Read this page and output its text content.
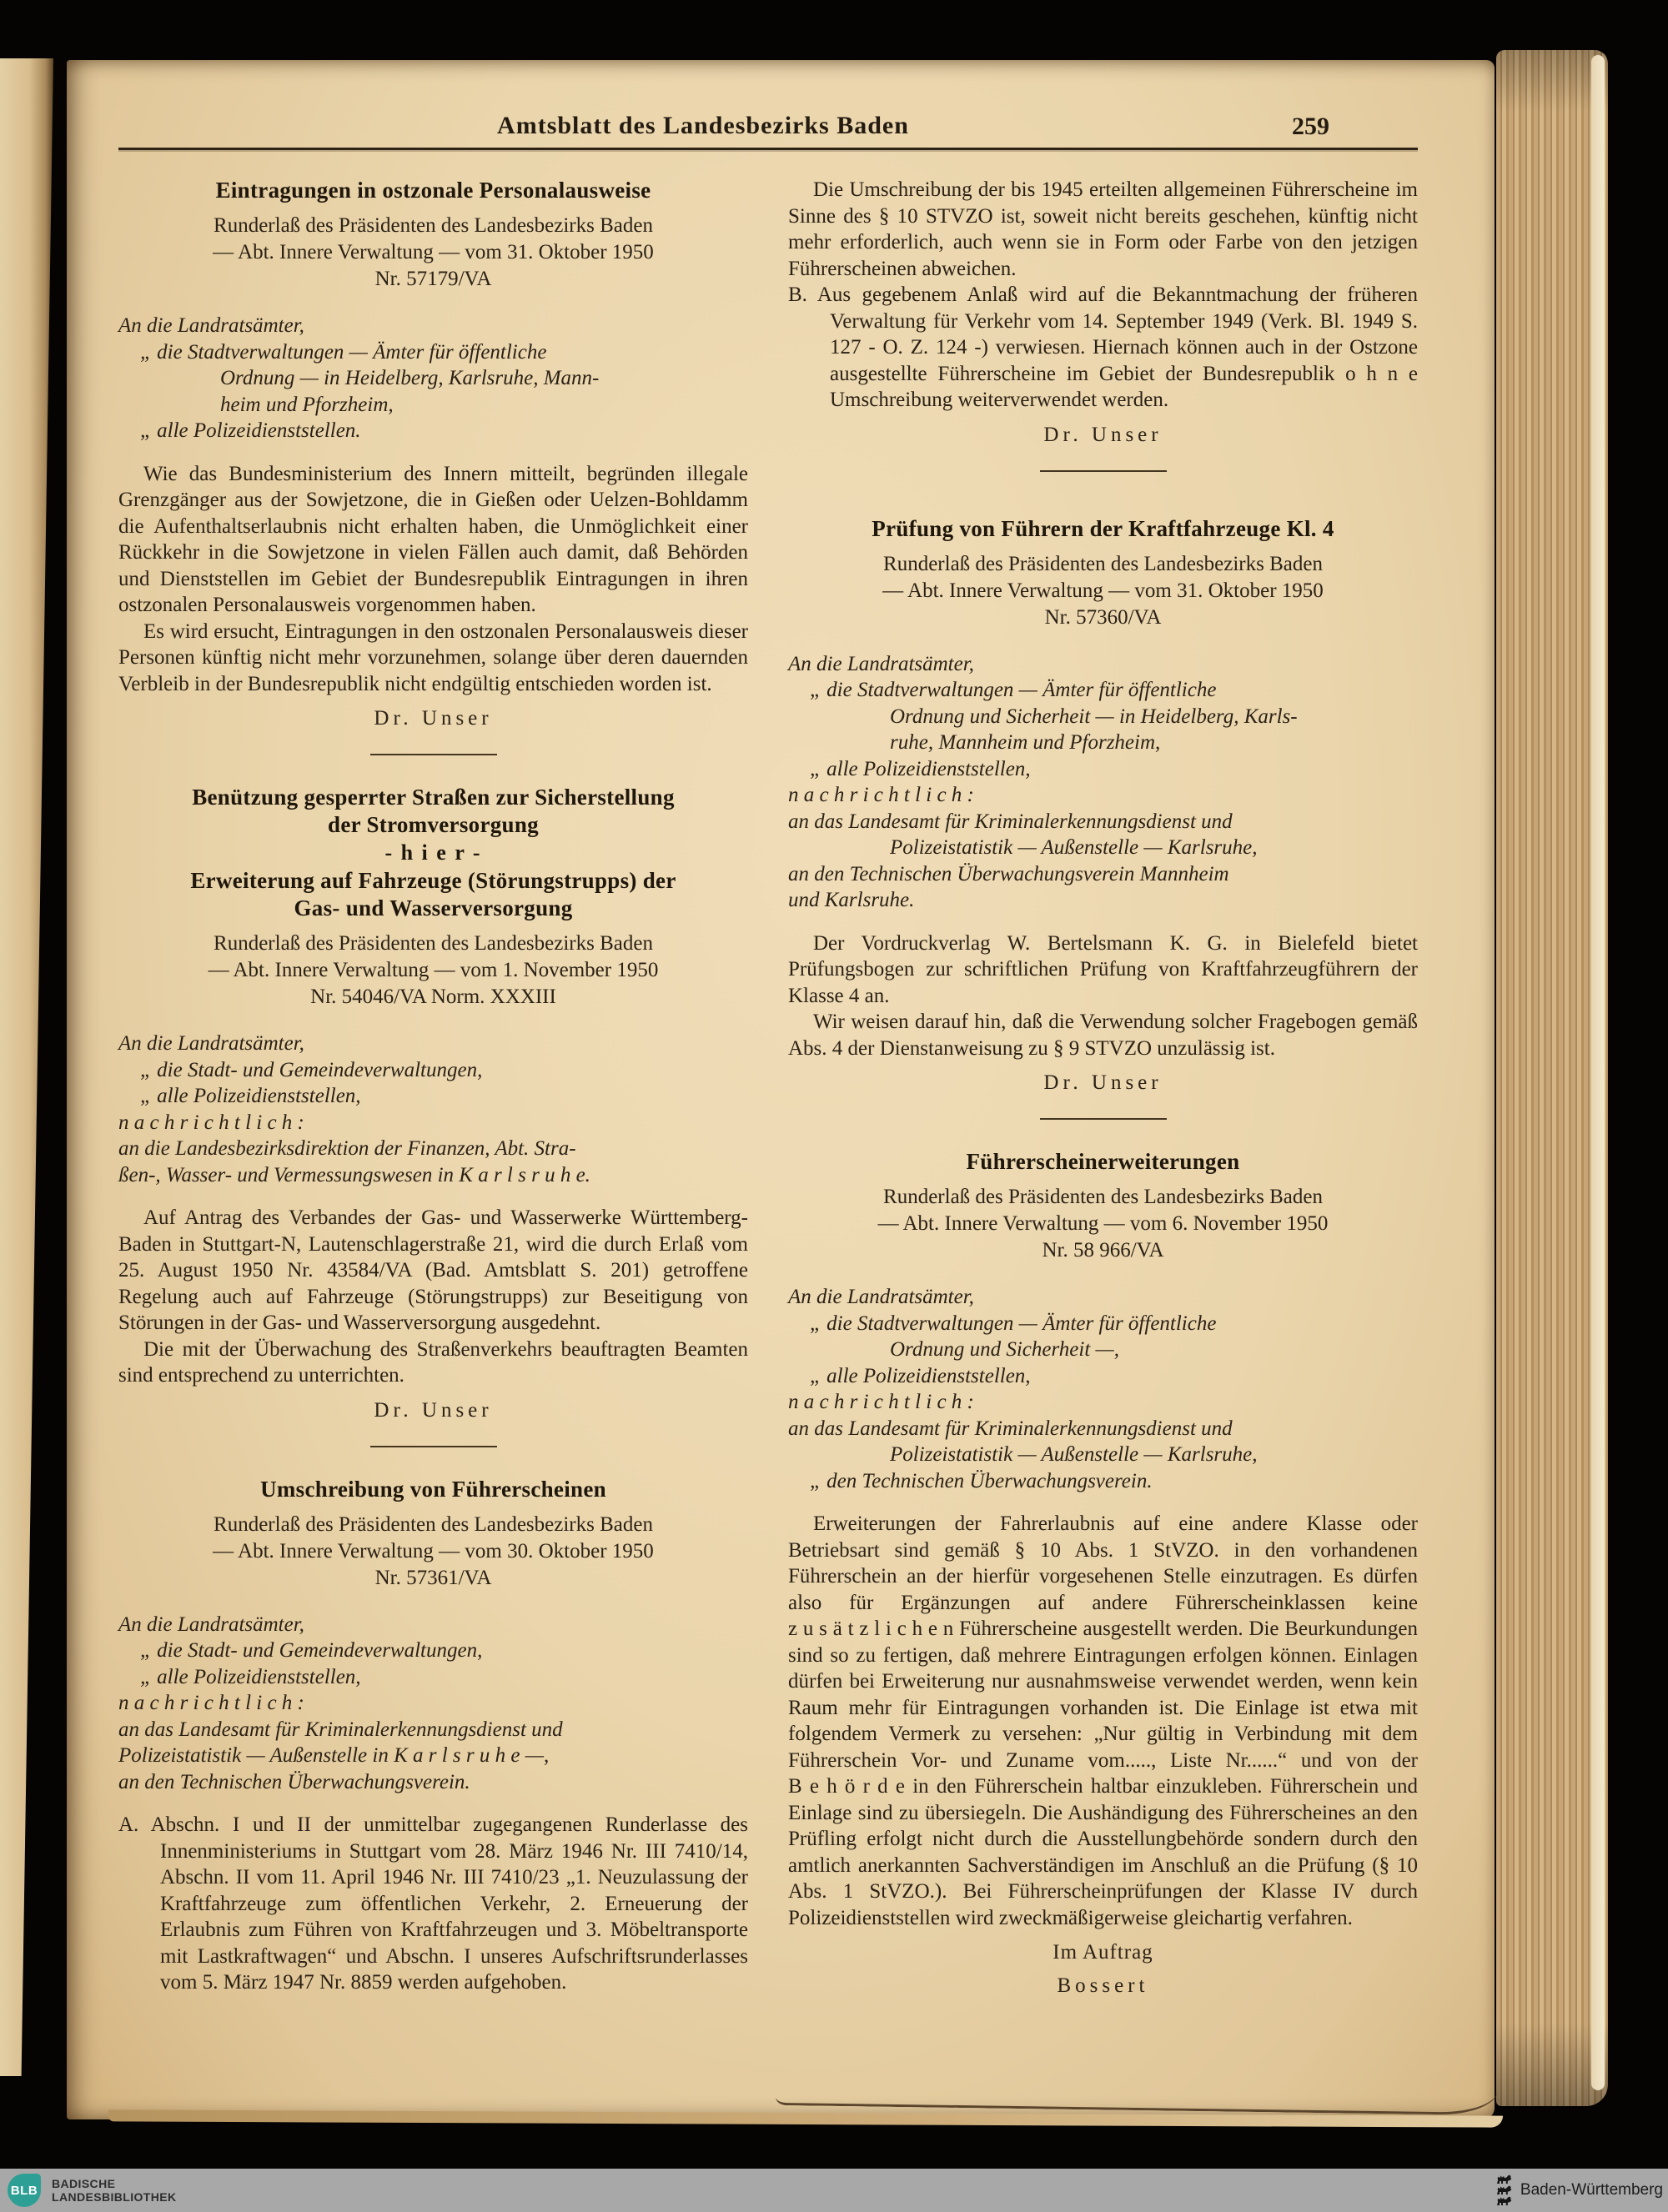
Amtsblatt des Landesbezirks Baden	259
Eintragungen in ostzonale Personalausweise
Runderlaß des Präsidenten des Landesbezirks Baden
— Abt. Innere Verwaltung — vom 31. Oktober 1950
Nr. 57179/VA
An die Landratsämter,
„ die Stadtverwaltungen — Ämter für öffentliche
Ordnung — in Heidelberg, Karlsruhe, Mann-
heim und Pforzheim,
„ alle Polizeidienststellen.

Wie das Bundesministerium des Innern mitteilt, begründen illegale Grenzgänger aus der Sowjetzone, die in Gießen oder Uelzen-Bohldamm die Aufenthaltserlaubnis nicht erhalten haben, die Unmöglichkeit einer Rückkehr in die Sowjetzone in vielen Fällen auch damit, daß Behörden und Dienststellen im Gebiet der Bundesrepublik Eintragungen in ihren ostzonalen Personalausweis vorgenommen haben.

Es wird ersucht, Eintragungen in den ostzonalen Personalausweis dieser Personen künftig nicht mehr vorzunehmen, solange über deren dauernden Verbleib in der Bundesrepublik nicht endgültig entschieden worden ist.

Dr. Unser
Benützung gesperrter Straßen zur Sicherstellung
der Stromversorgung
- h i e r -
Erweiterung auf Fahrzeuge (Störungstrupps) der
Gas- und Wasserversorgung
Runderlaß des Präsidenten des Landesbezirks Baden
— Abt. Innere Verwaltung — vom 1. November 1950
Nr. 54046/VA Norm. XXXIII
An die Landratsämter,
„ die Stadt- und Gemeindeverwaltungen,
„ alle Polizeidienststellen,
n a c h r i c h t l i c h :
an die Landesbezirksdirektion der Finanzen, Abt. Stra-
ßen-, Wasser- und Vermessungswesen in K a r l s r u h e.

Auf Antrag des Verbandes der Gas- und Wasserwerke Württemberg-Baden in Stuttgart-N, Lautenschlagerstraße 21, wird die durch Erlaß vom 25. August 1950 Nr. 43584/VA (Bad. Amtsblatt S. 201) getroffene Regelung auch auf Fahrzeuge (Störungstrupps) zur Beseitigung von Störungen in der Gas- und Wasserversorgung ausgedehnt.

Die mit der Überwachung des Straßenverkehrs beauftragten Beamten sind entsprechend zu unterrichten.

Dr. Unser
Umschreibung von Führerscheinen
Runderlaß des Präsidenten des Landesbezirks Baden
— Abt. Innere Verwaltung — vom 30. Oktober 1950
Nr. 57361/VA
An die Landratsämter,
„ die Stadt- und Gemeindeverwaltungen,
„ alle Polizeidienststellen,
n a c h r i c h t l i c h :
an das Landesamt für Kriminalerkennungsdienst und
Polizeistatistik — Außenstelle in K a r l s r u h e —,
an den Technischen Überwachungsverein.

A. Abschn. I und II der unmittelbar zugegangenen Runderlasse des Innenministeriums in Stuttgart vom 28. März 1946 Nr. III 7410/14, Abschn. II vom 11. April 1946 Nr. III 7410/23 „1. Neuzulassung der Kraftfahrzeuge zum öffentlichen Verkehr, 2. Erneuerung der Erlaubnis zum Führen von Kraftfahrzeugen und 3. Möbeltransporte mit Lastkraftwagen“ und Abschn. I unseres Aufschriftsrunderlasses vom 5. März 1947 Nr. 8859 werden aufgehoben.

Die Umschreibung der bis 1945 erteilten allgemeinen Führerscheine im Sinne des § 10 STVZO ist, soweit nicht bereits geschehen, künftig nicht mehr erforderlich, auch wenn sie in Form oder Farbe von den jetzigen Führerscheinen abweichen.

B. Aus gegebenem Anlaß wird auf die Bekanntmachung der früheren Verwaltung für Verkehr vom 14. September 1949 (Verk. Bl. 1949 S. 127 - O. Z. 124 -) verwiesen. Hiernach können auch in der Ostzone ausgestellte Führerscheine im Gebiet der Bundesrepublik o h n e Umschreibung weiterverwendet werden.

Dr. Unser
Prüfung von Führern der Kraftfahrzeuge Kl. 4
Runderlaß des Präsidenten des Landesbezirks Baden
— Abt. Innere Verwaltung — vom 31. Oktober 1950
Nr. 57360/VA
An die Landratsämter,
„ die Stadtverwaltungen — Ämter für öffentliche
Ordnung und Sicherheit — in Heidelberg, Karls-
ruhe, Mannheim und Pforzheim,
„ alle Polizeidienststellen,
n a c h r i c h t l i c h :
an das Landesamt für Kriminalerkennungsdienst und
Polizeistatistik — Außenstelle — Karlsruhe,
an den Technischen Überwachungsverein Mannheim
und Karlsruhe.

Der Vordruckverlag W. Bertelsmann K. G. in Bielefeld bietet Prüfungsbogen zur schriftlichen Prüfung von Kraftfahrzeugführern der Klasse 4 an.

Wir weisen darauf hin, daß die Verwendung solcher Fragebogen gemäß Abs. 4 der Dienstanweisung zu § 9 STVZO unzulässig ist.

Dr. Unser
Führerscheinerweiterungen
Runderlaß des Präsidenten des Landesbezirks Baden
— Abt. Innere Verwaltung — vom 6. November 1950
Nr. 58 966/VA
An die Landratsämter,
„ die Stadtverwaltungen — Ämter für öffentliche
Ordnung und Sicherheit —,
„ alle Polizeidienststellen,
n a c h r i c h t l i c h :
an das Landesamt für Kriminalerkennungsdienst und
Polizeistatistik — Außenstelle — Karlsruhe,
„ den Technischen Überwachungsverein.

Erweiterungen der Fahrerlaubnis auf eine andere Klasse oder Betriebsart sind gemäß § 10 Abs. 1 StVZO. in den vorhandenen Führerschein an der hierfür vorgesehenen Stelle einzutragen. Es dürfen also für Ergänzungen auf andere Führerscheinklassen keine z u s ä t z l i c h e n Führerscheine ausgestellt werden. Die Beurkundungen sind so zu fertigen, daß mehrere Eintragungen erfolgen können. Einlagen dürfen bei Erweiterung nur ausnahmsweise verwendet werden, wenn kein Raum mehr für Eintragungen vorhanden ist. Die Einlage ist etwa mit folgendem Vermerk zu versehen: „Nur gültig in Verbindung mit dem Führerschein Vor- und Zuname vom....., Liste Nr......“ und von der B e h ö r d e in den Führerschein haltbar einzukleben. Führerschein und Einlage sind zu übersiegeln. Die Aushändigung des Führerscheines an den Prüfling erfolgt nicht durch die Ausstellungbehörde sondern durch den amtlich anerkannten Sachverständigen im Anschluß an die Prüfung (§ 10 Abs. 1 StVZO.). Bei Führerscheinprüfungen der Klasse IV durch Polizeidienststellen wird zweckmäßigerweise gleichartig verfahren.

Im Auftrag
Bossert
BLB BADISCHE
LANDESBIBLIOTHEK	Baden-Württemberg
